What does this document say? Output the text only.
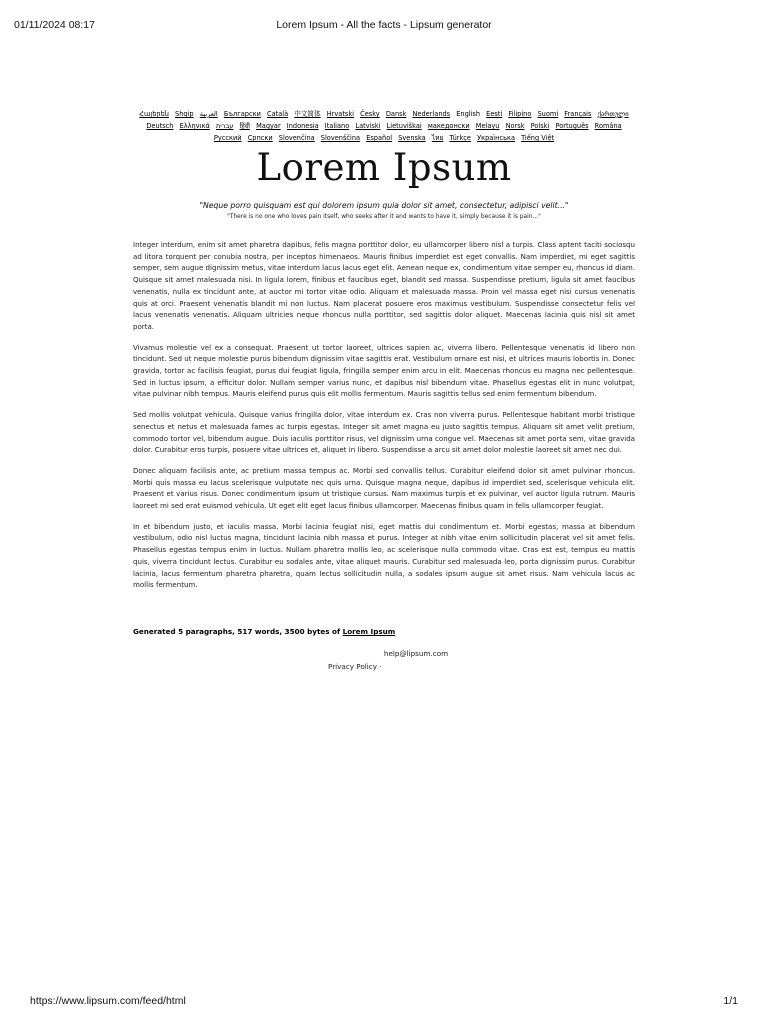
01/11/2024 08:17	Lorem Ipsum - All the facts - Lipsum generator
Հայերեն Shqip العربية Български Català 中文简体 Hrvatski Česky Dansk Nederlands English Eesti Filipino Suomi Français ქართული Deutsch Ελληνικά עברית हिंदी Magyar Indonesia Italiano Latviski Lietuviškai македонски Melayu Norsk Polski Português Româna Pyccкий Српски Slovenčina Slovenščina Español Svenska ไทย Türkçe Українська Tiếng Việt
Lorem Ipsum
"Neque porro quisquam est qui dolorem ipsum quia dolor sit amet, consectetur, adipisci velit..."
"There is no one who loves pain itself, who seeks after it and wants to have it, simply because it is pain..."

Integer interdum, enim sit amet pharetra dapibus, felis magna porttitor dolor, eu ullamcorper libero nisl a turpis. Class aptent taciti sociosqu ad litora torquent per conubia nostra, per inceptos himenaeos. Mauris finibus imperdiet est eget convallis. Nam imperdiet, mi eget sagittis semper, sem augue dignissim metus, vitae interdum lacus lacus eget elit. Aenean neque ex, condimentum vitae semper eu, rhoncus id diam. Quisque sit amet malesuada nisi. In ligula lorem, finibus et faucibus eget, blandit sed massa. Suspendisse pretium, ligula sit amet faucibus venenatis, nulla ex tincidunt ante, at auctor mi tortor vitae odio. Aliquam et malesuada massa. Proin vel massa eget nisi cursus venenatis quis at orci. Praesent venenatis blandit mi non luctus. Nam placerat posuere eros maximus vestibulum. Suspendisse consectetur felis vel lacus venenatis venenatis. Aliquam ultricies neque rhoncus nulla porttitor, sed sagittis dolor aliquet. Maecenas lacinia quis nisl sit amet porta.

Vivamus molestie vel ex a consequat. Praesent ut tortor laoreet, ultrices sapien ac, viverra libero. Pellentesque venenatis id libero non tincidunt. Sed ut neque molestie purus bibendum dignissim vitae sagittis erat. Vestibulum ornare est nisi, et ultrices mauris lobortis in. Donec gravida, tortor ac facilisis feugiat, purus dui feugiat ligula, fringilla semper enim arcu in elit. Maecenas rhoncus eu magna nec pellentesque. Sed in luctus ipsum, a efficitur dolor. Nullam semper varius nunc, et dapibus nisl bibendum vitae. Phasellus egestas elit in nunc volutpat, vitae pulvinar nibh tempus. Mauris eleifend purus quis elit mollis fermentum. Mauris sagittis tellus sed enim fermentum bibendum.

Sed mollis volutpat vehicula. Quisque varius fringilla dolor, vitae interdum ex. Cras non viverra purus. Pellentesque habitant morbi tristique senectus et netus et malesuada fames ac turpis egestas. Integer sit amet magna eu justo sagittis tempus. Aliquam sit amet velit pretium, commodo tortor vel, bibendum augue. Duis iaculis porttitor risus, vel dignissim urna congue vel. Maecenas sit amet porta sem, vitae gravida dolor. Curabitur eros turpis, posuere vitae ultrices et, aliquet in libero. Suspendisse a arcu sit amet dolor molestie laoreet sit amet nec dui.

Donec aliquam facilisis ante, ac pretium massa tempus ac. Morbi sed convallis tellus. Curabitur eleifend dolor sit amet pulvinar rhoncus. Morbi quis massa eu lacus scelerisque vulputate nec quis urna. Quisque magna neque, dapibus id imperdiet sed, scelerisque vehicula elit. Praesent et varius risus. Donec condimentum ipsum ut tristique cursus. Nam maximus turpis et ex pulvinar, vel auctor ligula rutrum. Mauris laoreet mi sed erat euismod vehicula. Ut eget elit eget lacus finibus ullamcorper. Maecenas finibus quam in felis ullamcorper feugiat.

In et bibendum justo, et iaculis massa. Morbi lacinia feugiat nisi, eget mattis dui condimentum et. Morbi egestas, massa at bibendum vestibulum, odio nisl luctus magna, tincidunt lacinia nibh massa et purus. Integer at nibh vitae enim sollicitudin placerat vel sit amet felis. Phasellus egestas tempus enim in luctus. Nullam pharetra mollis leo, ac scelerisque nulla commodo vitae. Cras est est, tempus eu mattis quis, viverra tincidunt lectus. Curabitur eu sodales ante, vitae aliquet mauris. Curabitur sed malesuada leo, porta dignissim purus. Curabitur lacinia, lacus fermentum pharetra pharetra, quam lectus sollicitudin nulla, a sodales ipsum augue sit amet risus. Nam vehicula lacus ac mollis fermentum.

Generated 5 paragraphs, 517 words, 3500 bytes of Lorem Ipsum
help@lipsum.com
Privacy Policy ·
https://www.lipsum.com/feed/html	1/1
